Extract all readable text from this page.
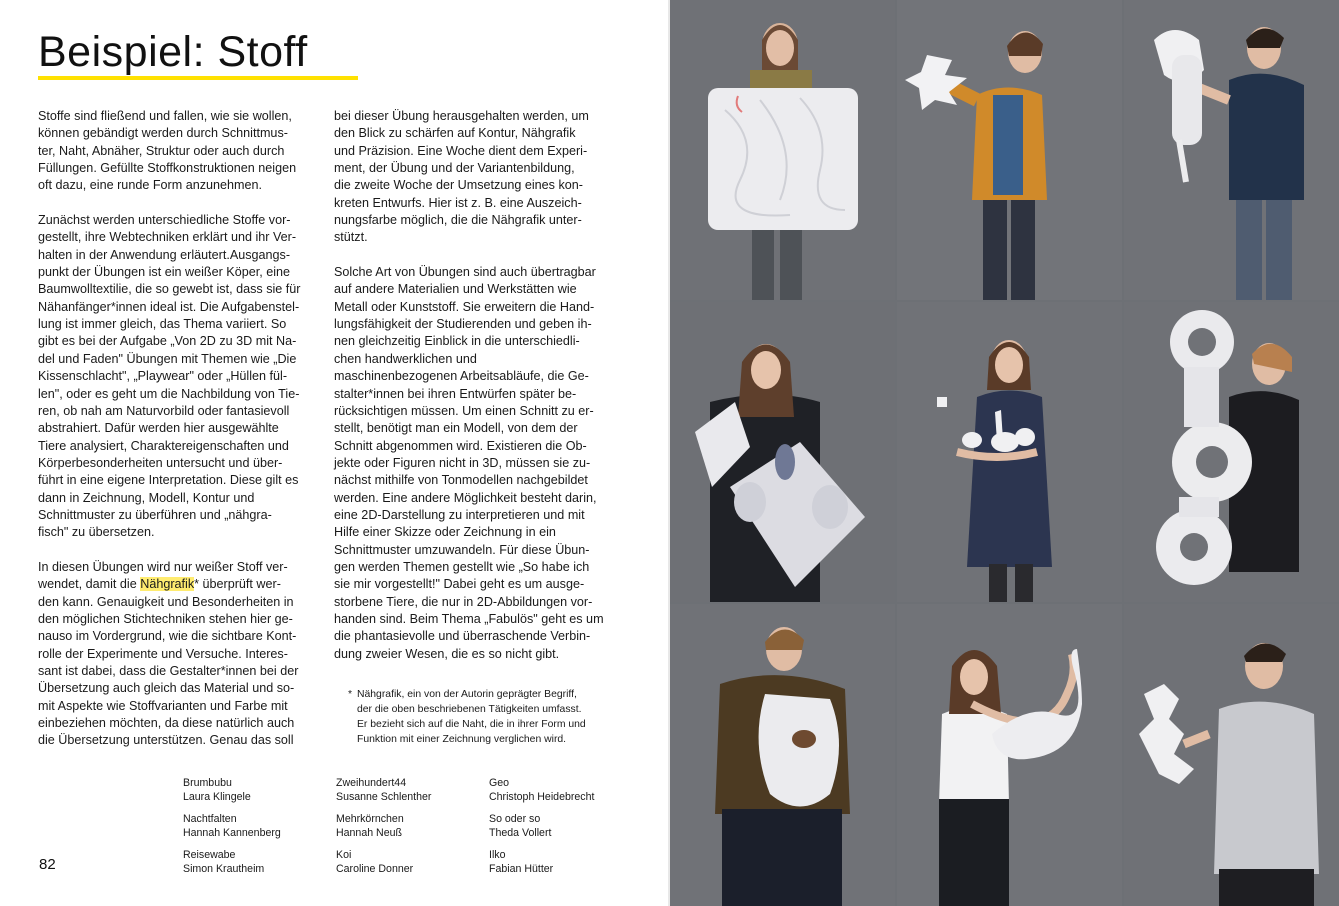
Beispiel: Stoff
Stoffe sind fließend und fallen, wie sie wollen,
können gebändigt werden durch Schnittmus-
ter, Naht, Abnäher, Struktur oder auch durch
Füllungen. Gefüllte Stoffkonstruktionen neigen
oft dazu, eine runde Form anzunehmen.
Zunächst werden unterschiedliche Stoffe vor-
gestellt, ihre Webtechniken erklärt und ihr Ver-
halten in der Anwendung erläutert.Ausgangs-
punkt der Übungen ist ein weißer Köper, eine
Baumwolltextilie, die so gewebt ist, dass sie für
Nähanfänger*innen ideal ist. Die Aufgabenstel-
lung ist immer gleich, das Thema variiert. So
gibt es bei der Aufgabe „Von 2D zu 3D mit Na-
del und Faden" Übungen mit Themen wie „Die
Kissenschlacht", „Playwear" oder „Hüllen fül-
len", oder es geht um die Nachbildung von Tie-
ren, ob nah am Naturvorbild oder fantasievoll
abstrahiert. Dafür werden hier ausgewählte
Tiere analysiert, Charaktereigenschaften und
Körperbesonderheiten untersucht und über-
führt in eine eigene Interpretation. Diese gilt es
dann in Zeichnung, Modell, Kontur und
Schnittmuster zu überführen und „nähgra-
fisch" zu übersetzen.
In diesen Übungen wird nur weißer Stoff ver-
wendet, damit die Nähgrafik* überprüft wer-
den kann. Genauigkeit und Besonderheiten in
den möglichen Stichtechniken stehen hier ge-
nauso im Vordergrund, wie die sichtbare Kont-
rolle der Experimente und Versuche. Interes-
sant ist dabei, dass die Gestalter*innen bei der
Übersetzung auch gleich das Material und so-
mit Aspekte wie Stoffvarianten und Farbe mit
einbeziehen möchten, da diese natürlich auch
die Übersetzung unterstützen. Genau das soll
bei dieser Übung herausgehalten werden, um
den Blick zu schärfen auf Kontur, Nähgrafik
und Präzision. Eine Woche dient dem Experi-
ment, der Übung und der Variantenbildung,
die zweite Woche der Umsetzung eines kon-
kreten Entwurfs. Hier ist z. B. eine Auszeich-
nungsfarbe möglich, die die Nähgrafik unter-
stützt.
Solche Art von Übungen sind auch übertragbar
auf andere Materialien und Werkstätten wie
Metall oder Kunststoff. Sie erweitern die Hand-
lungsfähigkeit der Studierenden und geben ih-
nen gleichzeitig Einblick in die unterschiedli-
chen handwerklichen und
maschinenbezogenen Arbeitsabläufe, die Ge-
stalter*innen bei ihren Entwürfen später be-
rücksichtigen müssen. Um einen Schnitt zu er-
stellt, benötigt man ein Modell, von dem der
Schnitt abgenommen wird. Existieren die Ob-
jekte oder Figuren nicht in 3D, müssen sie zu-
nächst mithilfe von Tonmodellen nachgebildet
werden. Eine andere Möglichkeit besteht darin,
eine 2D-Darstellung zu interpretieren und mit
Hilfe einer Skizze oder Zeichnung in ein
Schnittmuster umzuwandeln. Für diese Übun-
gen werden Themen gestellt wie „So habe ich
sie mir vorgestellt!" Dabei geht es um ausge-
storbene Tiere, die nur in 2D-Abbildungen vor-
handen sind. Beim Thema „Fabulös" geht es um
die phantasievolle und überraschende Verbin-
dung zweier Wesen, die es so nicht gibt.
* Nähgrafik, ein von der Autorin geprägter Begriff,
der die oben beschriebenen Tätigkeiten umfasst.
Er bezieht sich auf die Naht, die in ihrer Form und
Funktion mit einer Zeichnung verglichen wird.
Brumbubu
Laura Klingele
Zweihundert44
Susanne Schlenther
Geo
Christoph Heidebrecht
Nachtfalten
Hannah Kannenberg
Mehrkörnchen
Hannah Neuß
So oder so
Theda Vollert
Reisewabe
Simon Krautheim
Koi
Caroline Donner
Ilko
Fabian Hütter
82
